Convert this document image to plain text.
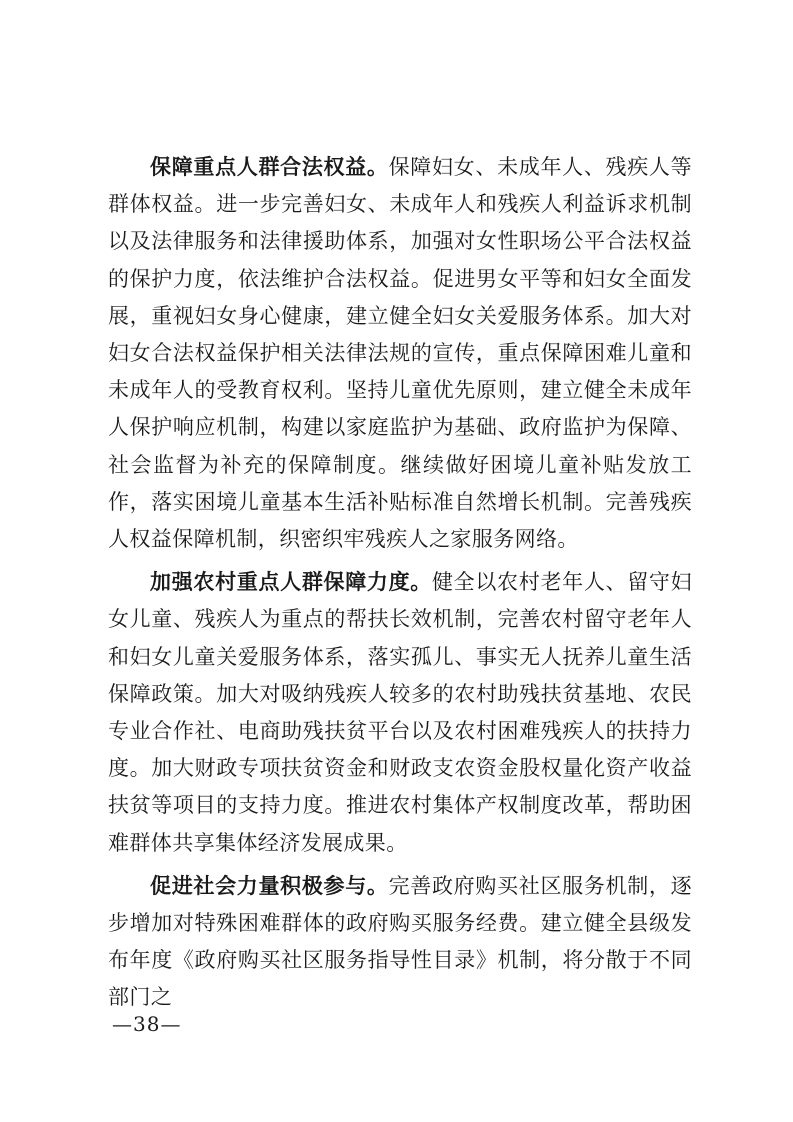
保障重点人群合法权益。保障妇女、未成年人、残疾人等群体权益。进一步完善妇女、未成年人和残疾人利益诉求机制以及法律服务和法律援助体系，加强对女性职场公平合法权益的保护力度，依法维护合法权益。促进男女平等和妇女全面发展，重视妇女身心健康，建立健全妇女关爱服务体系。加大对妇女合法权益保护相关法律法规的宣传，重点保障困难儿童和未成年人的受教育权利。坚持儿童优先原则，建立健全未成年人保护响应机制，构建以家庭监护为基础、政府监护为保障、社会监督为补充的保障制度。继续做好困境儿童补贴发放工作，落实困境儿童基本生活补贴标准自然增长机制。完善残疾人权益保障机制，织密织牢残疾人之家服务网络。

加强农村重点人群保障力度。健全以农村老年人、留守妇女儿童、残疾人为重点的帮扶长效机制，完善农村留守老年人和妇女儿童关爱服务体系，落实孤儿、事实无人抚养儿童生活保障政策。加大对吸纳残疾人较多的农村助残扶贫基地、农民专业合作社、电商助残扶贫平台以及农村困难残疾人的扶持力度。加大财政专项扶贫资金和财政支农资金股权量化资产收益扶贫等项目的支持力度。推进农村集体产权制度改革，帮助困难群体共享集体经济发展成果。

促进社会力量积极参与。完善政府购买社区服务机制，逐步增加对特殊困难群体的政府购买服务经费。建立健全县级发布年度《政府购买社区服务指导性目录》机制，将分散于不同部门之

—38—
